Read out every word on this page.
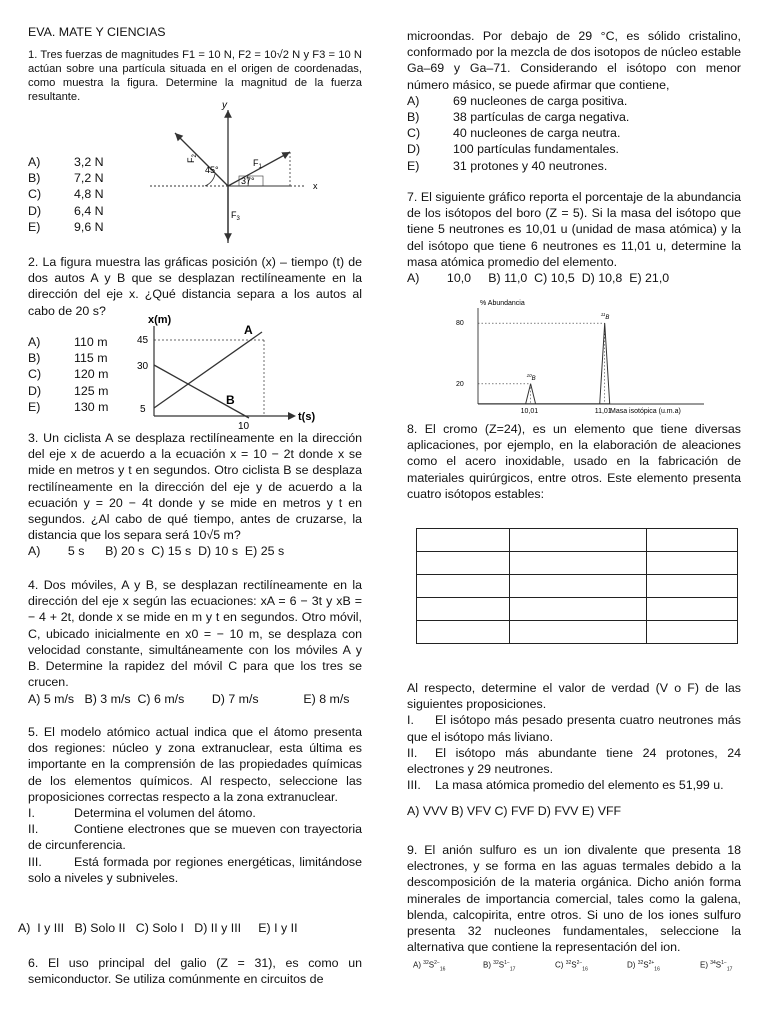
EVA. MATE Y CIENCIAS

1. Tres fuerzas de magnitudes F1 = 10 N, F2 = 10√2 N y F3 = 10 N actúan sobre una partícula situada en el origen de coordenadas, como muestra la figura. Determine la magnitud de la fuerza resultante.

A)	3,2 N
B)	7,2 N
C)	4,8 N
D)	6,4 N
E)	9,6 N
y
x
45°
37°
$F_2$
$F_1$
$F_3$

2. La figura muestra las gráficas posición (x) – tiempo (t) de dos autos A y B que se desplazan rectilíneamente en la dirección del eje x. ¿Qué distancia separa a los autos al cabo de 20 s?

A)	110 m
B)	115 m
C)	120 m
D)	125 m
E)	130 m
x(m)
t(s)
45
30
5
A
B
10

3. Un ciclista A se desplaza rectilíneamente en la dirección del eje x de acuerdo a la ecuación x = 10 − 2t donde x se mide en metros y t en segundos. Otro ciclista B se desplaza rectilíneamente en la dirección del eje y de acuerdo a la ecuación y = 20 − 4t donde y se mide en metros y t en segundos. ¿Al cabo de qué tiempo, antes de cruzarse, la distancia que los separa será 10√5 m?

A)        5 s      B) 20 s  C) 15 s  D) 10 s  E) 25 s

4. Dos móviles, A y B, se desplazan rectilíneamente en la dirección del eje x según las ecuaciones: xA = 6 − 3t y xB = − 4 + 2t, donde x se mide en m y t en segundos. Otro móvil, C, ubicado inicialmente en x0 = − 10 m, se desplaza con velocidad constante, simultáneamente con los móviles A y B. Determine la rapidez del móvil C para que los tres se crucen.

A) 5 m/s   B) 3 m/s  C) 6 m/s        D) 7 m/s             E) 8 m/s

5. El modelo atómico actual indica que el átomo presenta dos regiones: núcleo y zona extranuclear, esta última es importante en la comprensión de las propiedades químicas de los elementos químicos. Al respecto, seleccione las proposiciones correctas respecto a la zona extranuclear.

I.	Determina el volumen del átomo.

II.	Contiene electrones que se mueven con trayectoria de circunferencia.

III.	Está formada por regiones energéticas, limitándose solo a niveles y subniveles.

A)  I y III   B) Solo II   C) Solo I   D) II y III     E) I y II

6. El uso principal del galio (Z = 31), es como un semiconductor. Se utiliza comúnmente en circuitos de

microondas. Por debajo de 29 °C, es sólido cristalino, conformado por la mezcla de dos isotopos de núcleo estable Ga–69 y Ga–71. Considerando el isótopo con menor número másico, se puede afirmar que contiene,

A)	69 nucleones de carga positiva.
B)	38 partículas de carga negativa.
C)	40 nucleones de carga neutra.
D)	100 partículas fundamentales.
E)	31 protones y 40 neutrones.

7. El siguiente gráfico reporta el porcentaje de la abundancia de los isótopos del boro (Z = 5). Si la masa del isótopo que tiene 5 neutrones es 10,01 u (unidad de masa atómica) y la del isótopo que tiene 6 neutrones es 11,01 u, determine la masa atómica promedio del elemento.

A)        10,0     B) 11,0  C) 10,5  D) 10,8  E) 21,0

% Abundancia
20
80
$^{10}$B
$^{11}$B
10,01	11,01
Masa isotópica (u.m.a)

8. El cromo (Z=24), es un elemento que tiene diversas aplicaciones, por ejemplo, en la elaboración de aleaciones como el acero inoxidable, usado en la fabricación de materiales quirúrgicos, entre otros. Este elemento presenta cuatro isótopos estables:

Al respecto, determine el valor de verdad (V o F) de las siguientes proposiciones.

I. El isótopo más pesado presenta cuatro neutrones más que el isótopo más liviano.

II. El isótopo más abundante tiene 24 protones, 24 electrones y 29 neutrones.

III. La masa atómica promedio del elemento es 51,99 u.

A) VVV B) VFV C) FVF D) FVV E) VFF

9. El anión sulfuro es un ion divalente que presenta 18 electrones, y se forma en las aguas termales debido a la descomposición de la materia orgánica. Dicho anión forma minerales de importancia comercial, tales como la galena, blenda, calcopirita, entre otros. Si uno de los iones sulfuro presenta 32 nucleones fundamentales, seleccione la alternativa que contiene la representación del ion.

A) $^{32}S^{2-}_{16}$	B) $^{32}S^{1-}_{17}$	C) $^{32}S^{2-}_{16}$	D) $^{32}S^{2+}_{16}$	E) $^{34}S^{1-}_{17}$
